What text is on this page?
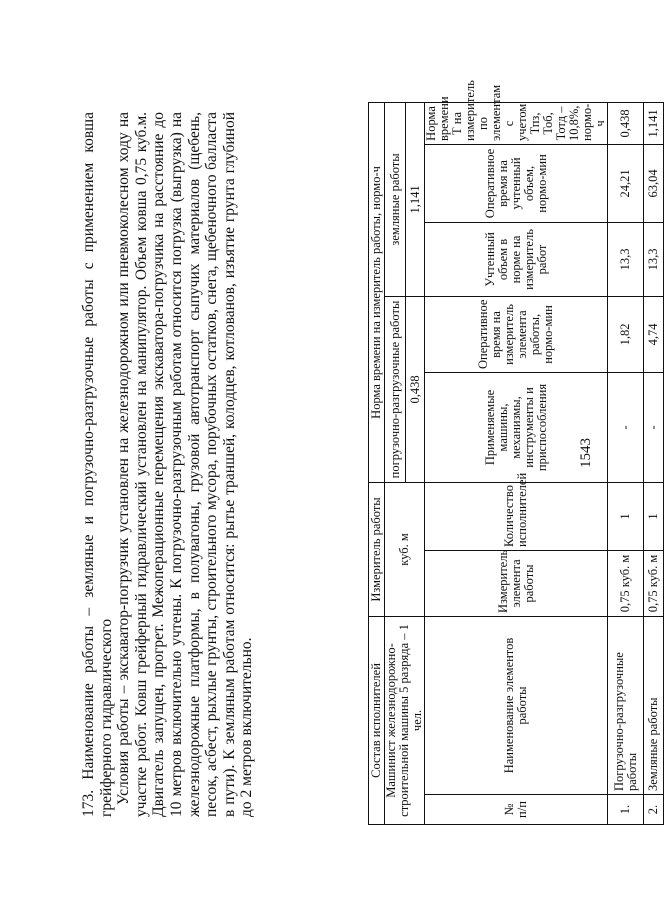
1543

173. Наименование работы – земляные и погрузочно-разгрузочные работы с применением ковша грейферного гидравлического Условия работы – экскаватор-погрузчик установлен на железнодорожном или пневмоколесном ходу на участке работ. Ковш грейферный гидравлический установлен на манипулятор. Объем ковша 0,75 куб.м. Двигатель запущен, прогрет. Межоперационные перемещения экскаватора-погрузчика на расстояние до 10 метров включительно учтены. К погрузочно-разгрузочным работам относится погрузка (выгрузка) на железнодорожные платформы, в полувагоны, грузовой автотранспорт сыпучих материалов (щебень, песок, асбест, рыхлые грунты, строительного мусора, порубочных остатков, снега, щебеночного балласта в пути). К земляным работам относится: рытье траншей, колодцев, котлованов, изъятие грунта глубиной до 2 метров включительно.	Состав исполнителей		Измеритель работы		Норма времени на измеритель работы, нормо-ч				
Машинист железнодорожно-строительной машины 5 разряда – 1 чел.		куб. м		погрузочно-разгрузочные работы		земляные работы		
				0,438		1,141		
№ п/п	Наименование элементов работы	Измеритель элемента работы	Количество исполнителей	Применяемые машины, механизмы, инструменты и приспособления	Оперативное время на измеритель элемента работы, нормо-мин	Учтенный объем в норме на измеритель работ	Оперативное время на учтенный объем, нормо-мин	Норма времени Т на измеритель по элементам с учетом Тпз, Тоб, Тотд – 10,8%, нормо-ч
1.	Погрузочно-разгрузочные работы	0,75 куб. м	1	-	1,82	13,3	24,21	0,438
2.	Земляные работы	0,75 куб. м	1	-	4,74	13,3	63,04	1,141
